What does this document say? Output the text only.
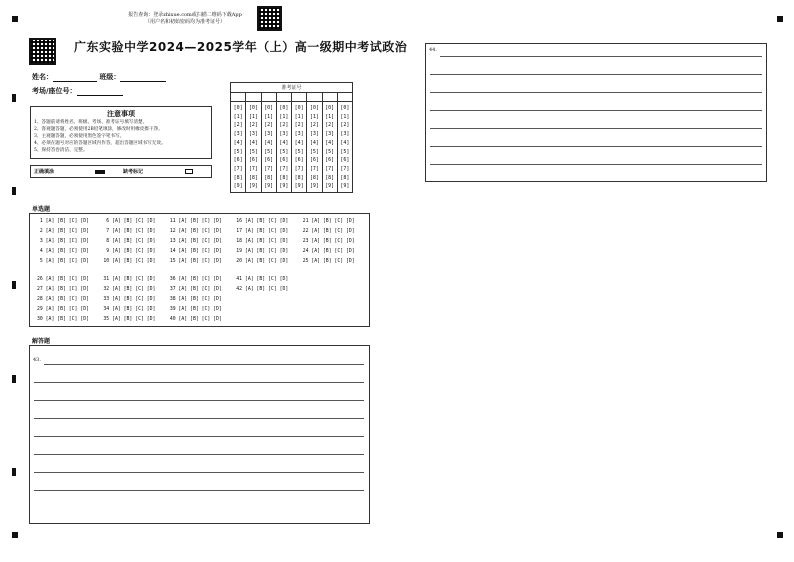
报告查询：登录zhixue.com或扫描二维码下载App
（用户名和初始密码均为准考证号）
广东实验中学2024—2025学年（上）高一级期中考试政治
姓名：	班级：
考场/座位号：
注意事项
1、答题前请将姓名、班级、考场、准考证号填写清楚。
2、客观题答题，必须使用2B铅笔填涂，修改时用橡皮擦干净。
3、主观题答题，必须使用黑色签字笔书写。
4、必须在题号对应的答题区域内作答，超出答题区域书写无效。
5、保持答卷清洁、完整。
正确填涂	缺考标记
准考证号
[0]
[1]
[2]
[3]
[4]
[5]
[6]
[7]
[8]
[9]
[0]
[1]
[2]
[3]
[4]
[5]
[6]
[7]
[8]
[9]
[0]
[1]
[2]
[3]
[4]
[5]
[6]
[7]
[8]
[9]
[0]
[1]
[2]
[3]
[4]
[5]
[6]
[7]
[8]
[9]
[0]
[1]
[2]
[3]
[4]
[5]
[6]
[7]
[8]
[9]
[0]
[1]
[2]
[3]
[4]
[5]
[6]
[7]
[8]
[9]
[0]
[1]
[2]
[3]
[4]
[5]
[6]
[7]
[8]
[9]
[0]
[1]
[2]
[3]
[4]
[5]
[6]
[7]
[8]
[9]
单选题
1 [A] [B] [C] [D]      6 [A] [B] [C] [D]     11 [A] [B] [C] [D]     16 [A] [B] [C] [D]     21 [A] [B] [C] [D]
2 [A] [B] [C] [D]      7 [A] [B] [C] [D]     12 [A] [B] [C] [D]     17 [A] [B] [C] [D]     22 [A] [B] [C] [D]
3 [A] [B] [C] [D]      8 [A] [B] [C] [D]     13 [A] [B] [C] [D]     18 [A] [B] [C] [D]     23 [A] [B] [C] [D]
4 [A] [B] [C] [D]      9 [A] [B] [C] [D]     14 [A] [B] [C] [D]     19 [A] [B] [C] [D]     24 [A] [B] [C] [D]
5 [A] [B] [C] [D]     10 [A] [B] [C] [D]     15 [A] [B] [C] [D]     20 [A] [B] [C] [D]     25 [A] [B] [C] [D]
26 [A] [B] [C] [D]     31 [A] [B] [C] [D]     36 [A] [B] [C] [D]     41 [A] [B] [C] [D]
27 [A] [B] [C] [D]     32 [A] [B] [C] [D]     37 [A] [B] [C] [D]     42 [A] [B] [C] [D]
28 [A] [B] [C] [D]     33 [A] [B] [C] [D]     38 [A] [B] [C] [D]
29 [A] [B] [C] [D]     34 [A] [B] [C] [D]     39 [A] [B] [C] [D]
30 [A] [B] [C] [D]     35 [A] [B] [C] [D]     40 [A] [B] [C] [D]
解答题
43.
44.
